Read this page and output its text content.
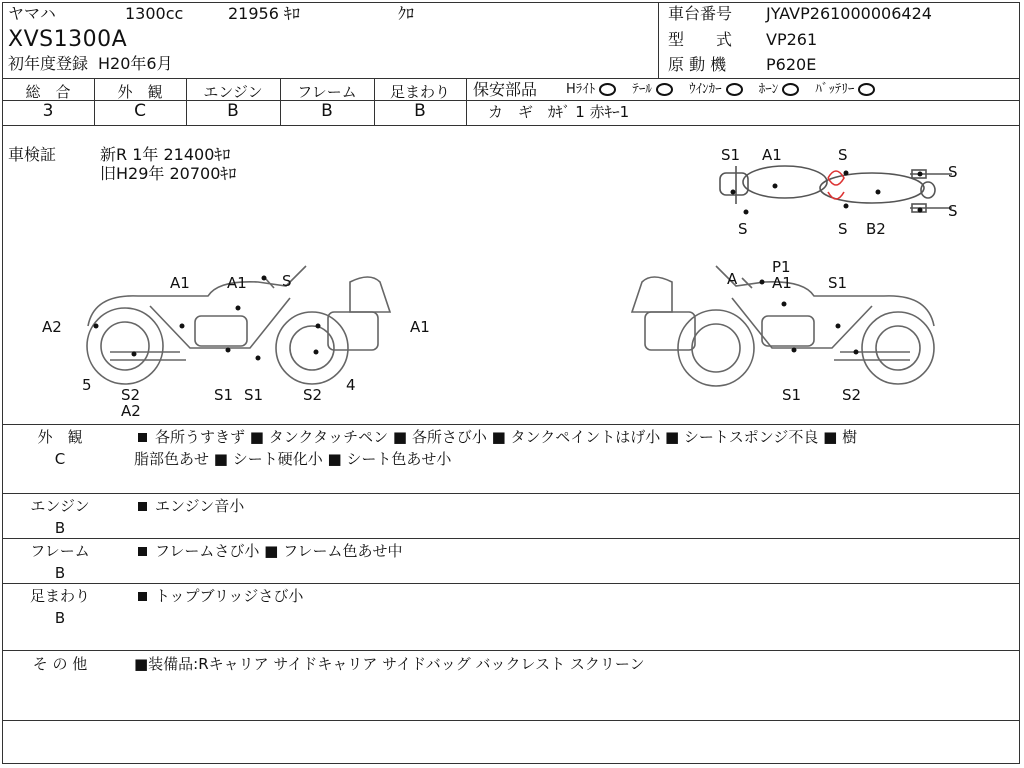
ヤマハ	1300cc	21956 ｷﾛ	ｸﾛ
XVS1300A
初年度登録 H20年6月
車台番号 JYAVP261000006424
型　　式 VP261
原 動 機 P620E
総　合	外　観	エンジン	フレーム	足まわり
3	C	B	B	B
保安部品 Hﾗｲﾄ	ﾃｰﾙ	ｳｲﾝｶｰ	ﾎｰﾝ	ﾊﾞｯﾃﾘｰ
カ　ギ　ｶｷﾞ 1 赤ｷｰ1
車検証	新R 1年 21400ｷﾛ
旧H29年 20700ｷﾛ
S1 A1	S
S	S
S
S
B2
A1 A1 S
A2	A1
5
S2
A2
S1 S1	S2
4
P1
A A1 S1
S1	S2
外　観
C
各所うすきず ■ タンクタッチペン ■ 各所さび小 ■ タンクペイントはげ小 ■ シートスポンジ不良 ■ 樹
脂部色あせ ■ シート硬化小 ■ シート色あせ小
エンジン
B
エンジン音小
フレーム
B
フレームさび小 ■ フレーム色あせ中
足まわり
B
トップブリッジさび小
そ の 他	■装備品:Rキャリア サイドキャリア サイドバッグ バックレスト スクリーン
